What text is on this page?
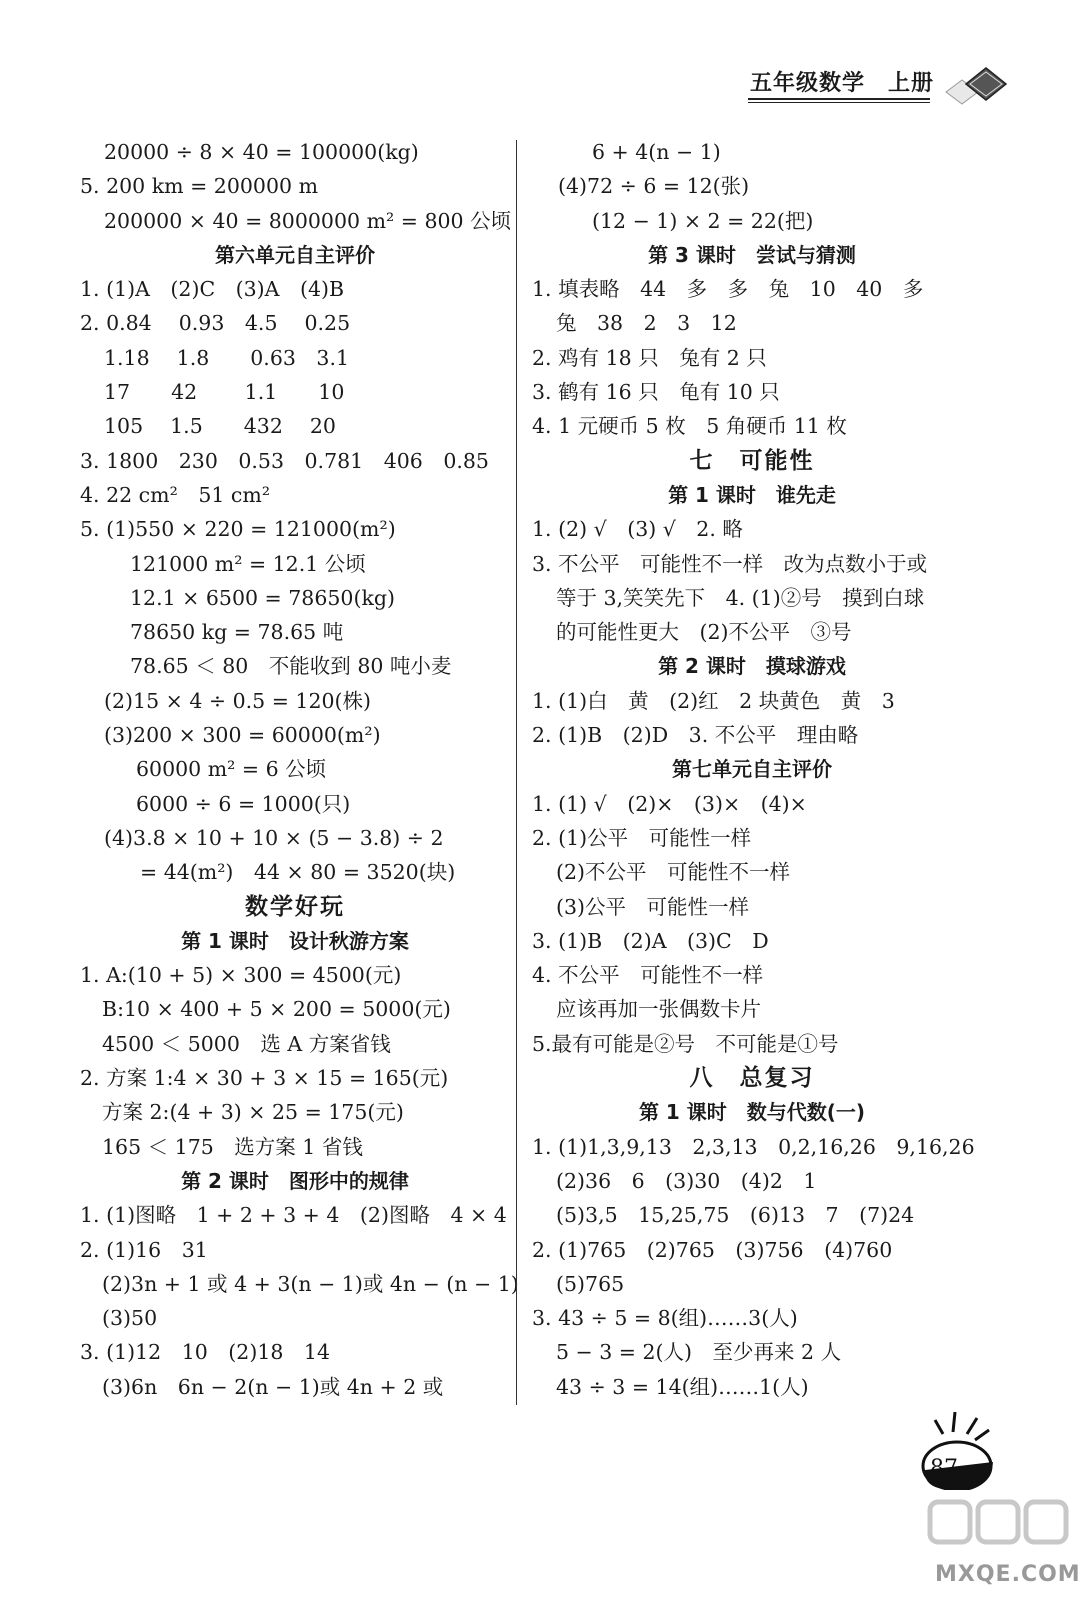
五年级数学　上册
20000 ÷ 8 × 40 = 100000(kg)
5. 200 km = 200000 m
200000 × 40 = 8000000 m² = 800 公顷
第六单元自主评价
1. (1)A　(2)C　(3)A　(4)B
2. 0.84　 0.93　4.5　 0.25
1.18　 1.8　　0.63　3.1
17　　42　　 1.1　　10
105　 1.5　　432　 20
3. 1800　230　0.53　0.781　406　0.85
4. 22 cm²　51 cm²
5. (1)550 × 220 = 121000(m²)
121000 m² = 12.1 公顷
12.1 × 6500 = 78650(kg)
78650 kg = 78.65 吨
78.65 ＜ 80　不能收到 80 吨小麦
(2)15 × 4 ÷ 0.5 = 120(株)
(3)200 × 300 = 60000(m²)
60000 m² = 6 公顷
6000 ÷ 6 = 1000(只)
(4)3.8 × 10 + 10 × (5 − 3.8) ÷ 2
= 44(m²)　44 × 80 = 3520(块)
数学好玩
第 1 课时　设计秋游方案
1. A:(10 + 5) × 300 = 4500(元)
B:10 × 400 + 5 × 200 = 5000(元)
4500 ＜ 5000　选 A 方案省钱
2. 方案 1:4 × 30 + 3 × 15 = 165(元)
方案 2:(4 + 3) × 25 = 175(元)
165 ＜ 175　选方案 1 省钱
第 2 课时　图形中的规律
1. (1)图略　1 + 2 + 3 + 4　(2)图略　4 × 4
2. (1)16　31
(2)3n + 1 或 4 + 3(n − 1)或 4n − (n − 1)
(3)50
3. (1)12　10　(2)18　14
(3)6n　6n − 2(n − 1)或 4n + 2 或
6 + 4(n − 1)
(4)72 ÷ 6 = 12(张)
(12 − 1) × 2 = 22(把)
第 3 课时　尝试与猜测
1. 填表略　44　多　多　兔　10　40　多
兔　38　2　3　12
2. 鸡有 18 只　兔有 2 只
3. 鹤有 16 只　龟有 10 只
4. 1 元硬币 5 枚　5 角硬币 11 枚
七　可能性
第 1 课时　谁先走
1. (2) √　(3) √　2. 略
3. 不公平　可能性不一样　改为点数小于或
等于 3,笑笑先下　4. (1)②号　摸到白球
的可能性更大　(2)不公平　③号
第 2 课时　摸球游戏
1. (1)白　黄　(2)红　2 块黄色　黄　3
2. (1)B　(2)D　3. 不公平　理由略
第七单元自主评价
1. (1) √　(2)×　(3)×　(4)×
2. (1)公平　可能性一样
(2)不公平　可能性不一样
(3)公平　可能性一样
3. (1)B　(2)A　(3)C　D
4. 不公平　可能性不一样
应该再加一张偶数卡片
5.最有可能是②号　不可能是①号
八　总复习
第 1 课时　数与代数(一)
1. (1)1,3,9,13　2,3,13　0,2,16,26　9,16,26
(2)36　6　(3)30　(4)2　1
(5)3,5　15,25,75　(6)13　7　(7)24
2. (1)765　(2)765　(3)756　(4)760
(5)765
3. 43 ÷ 5 = 8(组)……3(人)
5 − 3 = 2(人)　至少再来 2 人
43 ÷ 3 = 14(组)……1(人)
87
MXQE.COM
